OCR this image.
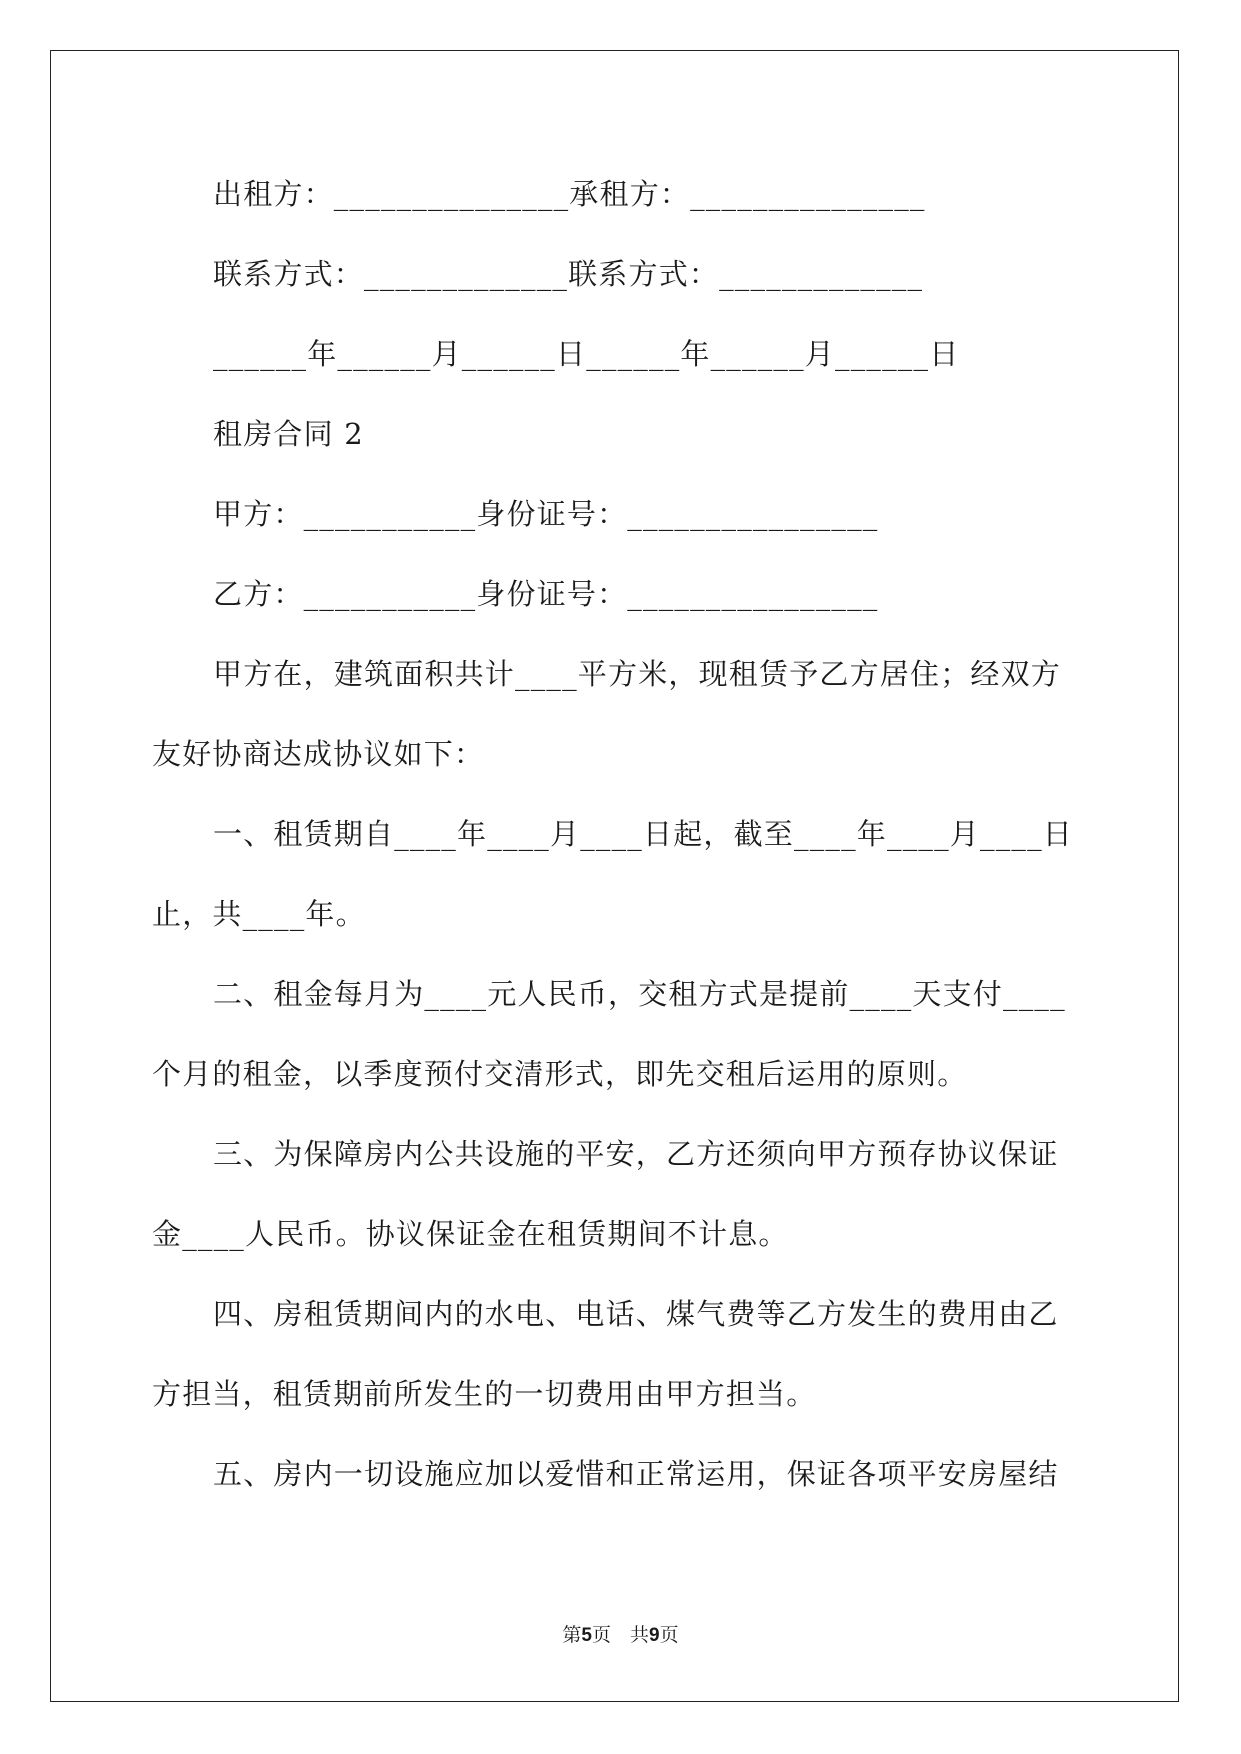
出租方：_______________承租方：_______________
联系方式：_____________联系方式：_____________
______年______月______日______年______月______日
租房合同 2
甲方：___________身份证号：________________
乙方：___________身份证号：________________
甲方在，建筑面积共计____平方米，现租赁予乙方居住；经双方
友好协商达成协议如下：
一、租赁期自____年____月____日起，截至____年____月____日
止，共____年。
二、租金每月为____元人民币，交租方式是提前____天支付____
个月的租金，以季度预付交清形式，即先交租后运用的原则。
三、为保障房内公共设施的平安，乙方还须向甲方预存协议保证
金____人民币。协议保证金在租赁期间不计息。
四、房租赁期间内的水电、电话、煤气费等乙方发生的费用由乙
方担当，租赁期前所发生的一切费用由甲方担当。
五、房内一切设施应加以爱惜和正常运用，保证各项平安房屋结
第5页　共9页
